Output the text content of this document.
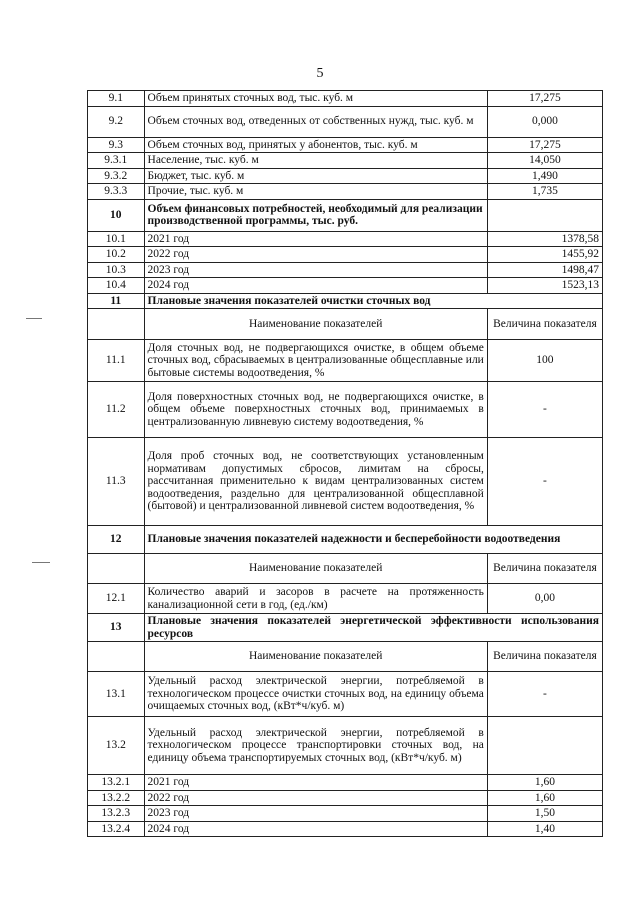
5
9.1	Объем принятых сточных вод, тыс. куб. м	17,275
9.2	Объем сточных вод, отведенных от собственных нужд, тыс. куб. м	0,000
9.3	Объем сточных вод, принятых у абонентов, тыс. куб. м	17,275
9.3.1	Население, тыс. куб. м	14,050
9.3.2	Бюджет, тыс. куб. м	1,490
9.3.3	Прочие, тыс. куб. м	1,735
10	Объем финансовых потребностей, необходимый для реализации производственной программы, тыс. руб.	
10.1	2021 год	1378,58
10.2	2022 год	1455,92
10.3	2023 год	1498,47
10.4	2024 год	1523,13
11	Плановые значения показателей очистки сточных вод	
	Наименование показателей	Величина показателя
11.1	Доля сточных вод, не подвергающихся очистке, в общем объеме сточных вод, сбрасываемых в централизованные общесплавные или бытовые системы водоотведения, %	100
11.2	Доля поверхностных сточных вод, не подвергающихся очистке, в общем объеме поверхностных сточных вод, принимаемых в централизованную ливневую систему водоотведения, %	-
11.3	Доля проб сточных вод, не соответствующих установленным нормативам допустимых сбросов, лимитам на сбросы, рассчитанная применительно к видам централизованных систем водоотведения, раздельно для централизованной общесплавной (бытовой) и централизованной ливневой систем водоотведения, %	-
12	Плановые значения показателей надежности и бесперебойности водоотведения	
	Наименование показателей	Величина показателя
12.1	Количество аварий и засоров в расчете на протяженность канализационной сети в год, (ед./км)	0,00
13	Плановые значения показателей энергетической эффективности использования ресурсов	
	Наименование показателей	Величина показателя
13.1	Удельный расход электрической энергии, потребляемой в технологическом процессе очистки сточных вод, на единицу объема очищаемых сточных вод, (кВт*ч/куб. м)	-
13.2	Удельный расход электрической энергии, потребляемой в технологическом процессе транспортировки сточных вод, на единицу объема транспортируемых сточных вод, (кВт*ч/куб. м)	
13.2.1	2021 год	1,60
13.2.2	2022 год	1,60
13.2.3	2023 год	1,50
13.2.4	2024 год	1,40
